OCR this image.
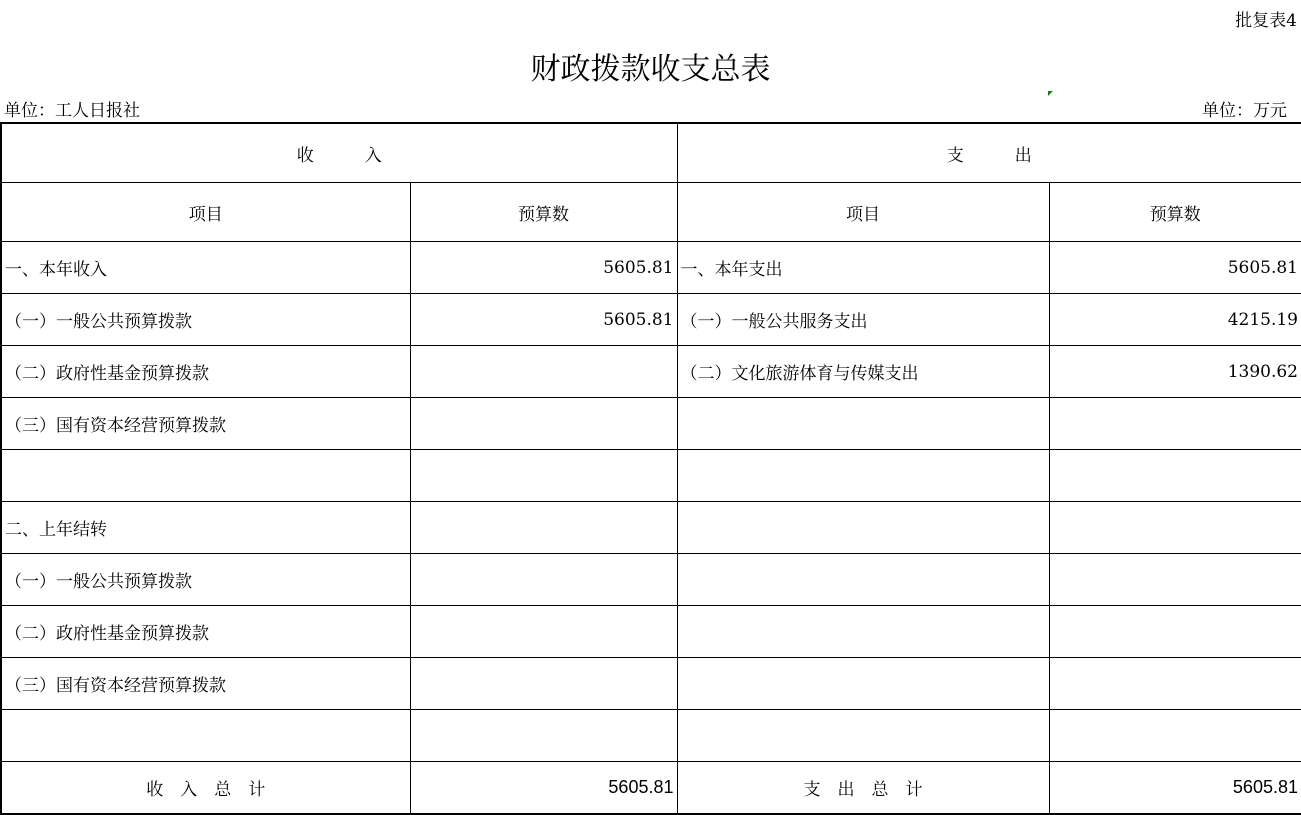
批复表4
财政拨款收支总表
单位：工人日报社	单位：万元
收　　　入		支　　　出	
项目	预算数	项目	预算数
一、本年收入	5605.81	一、本年支出	5605.81
（一）一般公共预算拨款	5605.81	（一）一般公共服务支出	4215.19
（二）政府性基金预算拨款		（二）文化旅游体育与传媒支出	1390.62
（三）国有资本经营预算拨款			

二、上年结转			
（一）一般公共预算拨款			
（二）政府性基金预算拨款			
（三）国有资本经营预算拨款			

收　入　总　计	5605.81	支　出　总　计	5605.81
